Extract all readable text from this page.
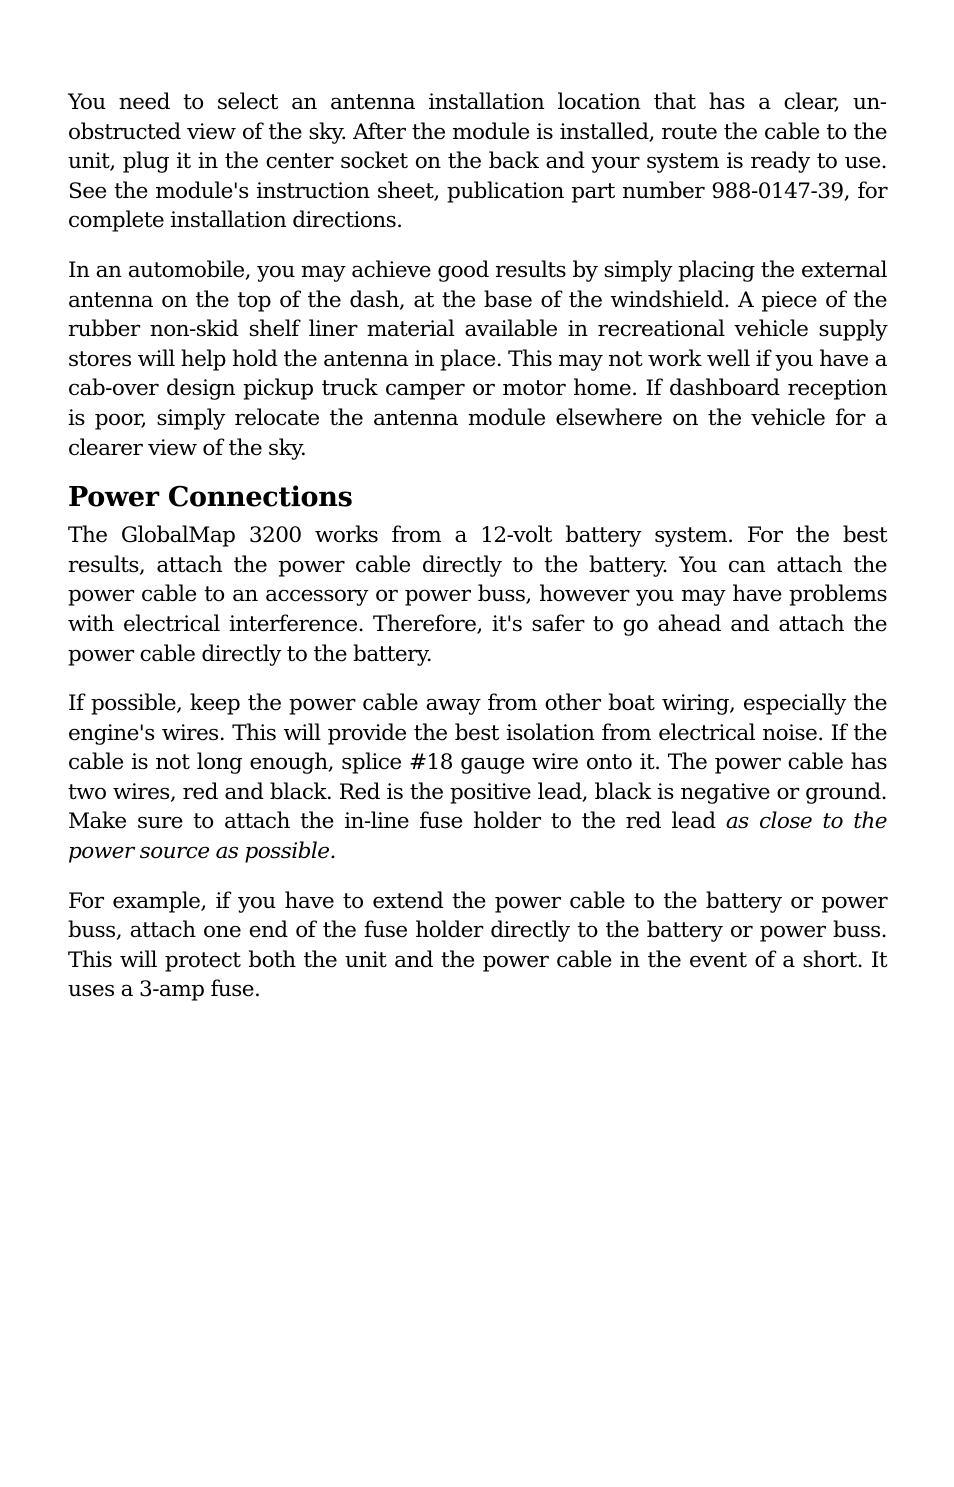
You need to select an antenna installation location that has a clear, unobstructed view of the sky. After the module is installed, route the cable to the unit, plug it in the center socket on the back and your system is ready to use. See the module's instruction sheet, publication part number 988-0147-39, for complete installation directions.

In an automobile, you may achieve good results by simply placing the external antenna on the top of the dash, at the base of the windshield. A piece of the rubber non-skid shelf liner material available in recreational vehicle supply stores will help hold the antenna in place. This may not work well if you have a cab-over design pickup truck camper or motor home. If dashboard reception is poor, simply relocate the antenna module elsewhere on the vehicle for a clearer view of the sky.

Power Connections

The GlobalMap 3200 works from a 12-volt battery system. For the best results, attach the power cable directly to the battery. You can attach the power cable to an accessory or power buss, however you may have problems with electrical interference. Therefore, it's safer to go ahead and attach the power cable directly to the battery.

If possible, keep the power cable away from other boat wiring, especially the engine's wires. This will provide the best isolation from electrical noise. If the cable is not long enough, splice #18 gauge wire onto it. The power cable has two wires, red and black. Red is the positive lead, black is negative or ground. Make sure to attach the in-line fuse holder to the red lead as close to the power source as possible.

For example, if you have to extend the power cable to the battery or power buss, attach one end of the fuse holder directly to the battery or power buss. This will protect both the unit and the power cable in the event of a short. It uses a 3-amp fuse.
